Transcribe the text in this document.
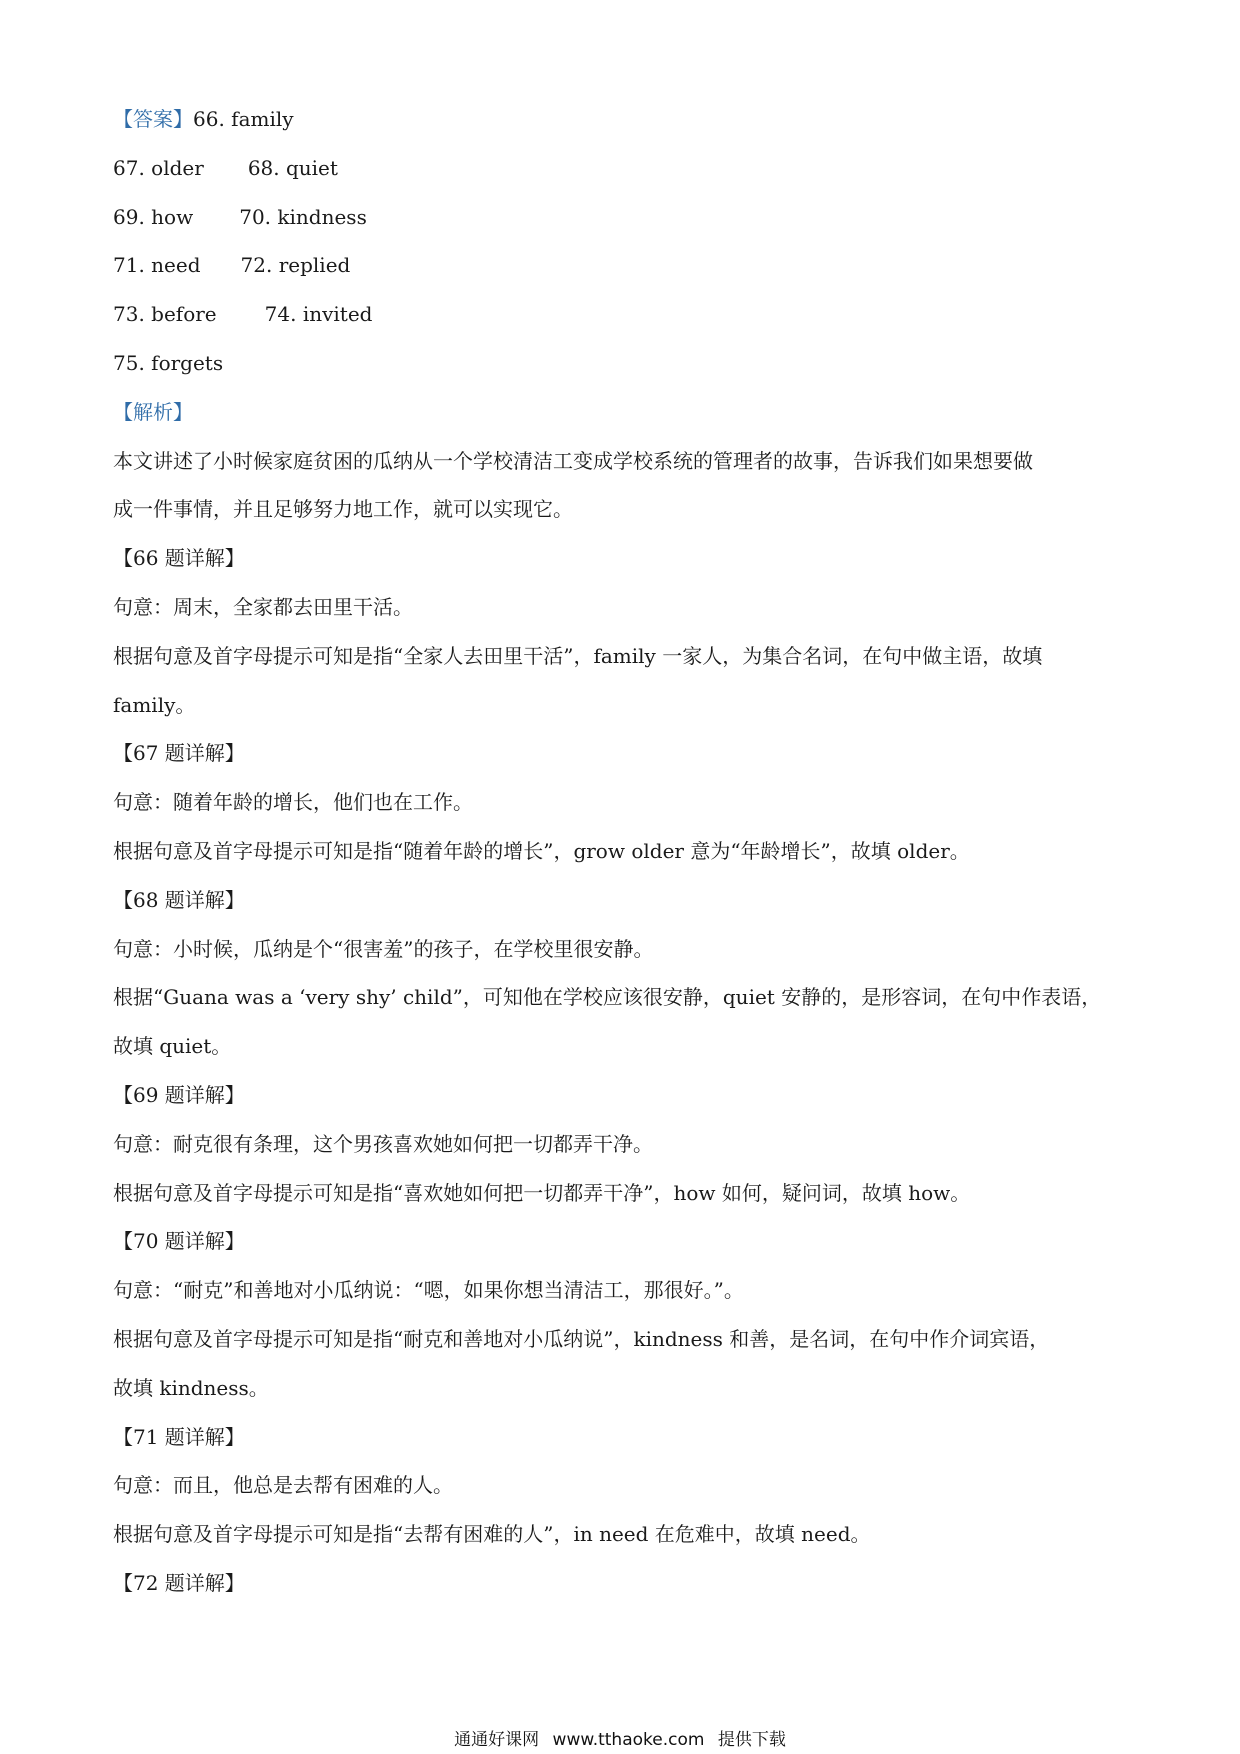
【答案】66. family
67. older 68. quiet
69. how 70. kindness
71. need 72. replied
73. before 74. invited
75. forgets
【解析】
本文讲述了小时候家庭贫困的瓜纳从一个学校清洁工变成学校系统的管理者的故事，告诉我们如果想要做
成一件事情，并且足够努力地工作，就可以实现它。
【66 题详解】
句意：周末，全家都去田里干活。
根据句意及首字母提示可知是指“全家人去田里干活”，family 一家人，为集合名词，在句中做主语，故填
family。
【67 题详解】
句意：随着年龄的增长，他们也在工作。
根据句意及首字母提示可知是指“随着年龄的增长”，grow older 意为“年龄增长”，故填 older。
【68 题详解】
句意：小时候，瓜纳是个“很害羞”的孩子，在学校里很安静。
根据“Guana was a ‘very shy’ child”，可知他在学校应该很安静，quiet 安静的，是形容词，在句中作表语，
故填 quiet。
【69 题详解】
句意：耐克很有条理，这个男孩喜欢她如何把一切都弄干净。
根据句意及首字母提示可知是指“喜欢她如何把一切都弄干净”，how 如何，疑问词，故填 how。
【70 题详解】
句意：“耐克”和善地对小瓜纳说：“嗯，如果你想当清洁工，那很好。”。
根据句意及首字母提示可知是指“耐克和善地对小瓜纳说”，kindness 和善，是名词，在句中作介词宾语，
故填 kindness。
【71 题详解】
句意：而且，他总是去帮有困难的人。
根据句意及首字母提示可知是指“去帮有困难的人”，in need 在危难中，故填 need。
【72 题详解】
通通好课网 www.tthaoke.com 提供下载
